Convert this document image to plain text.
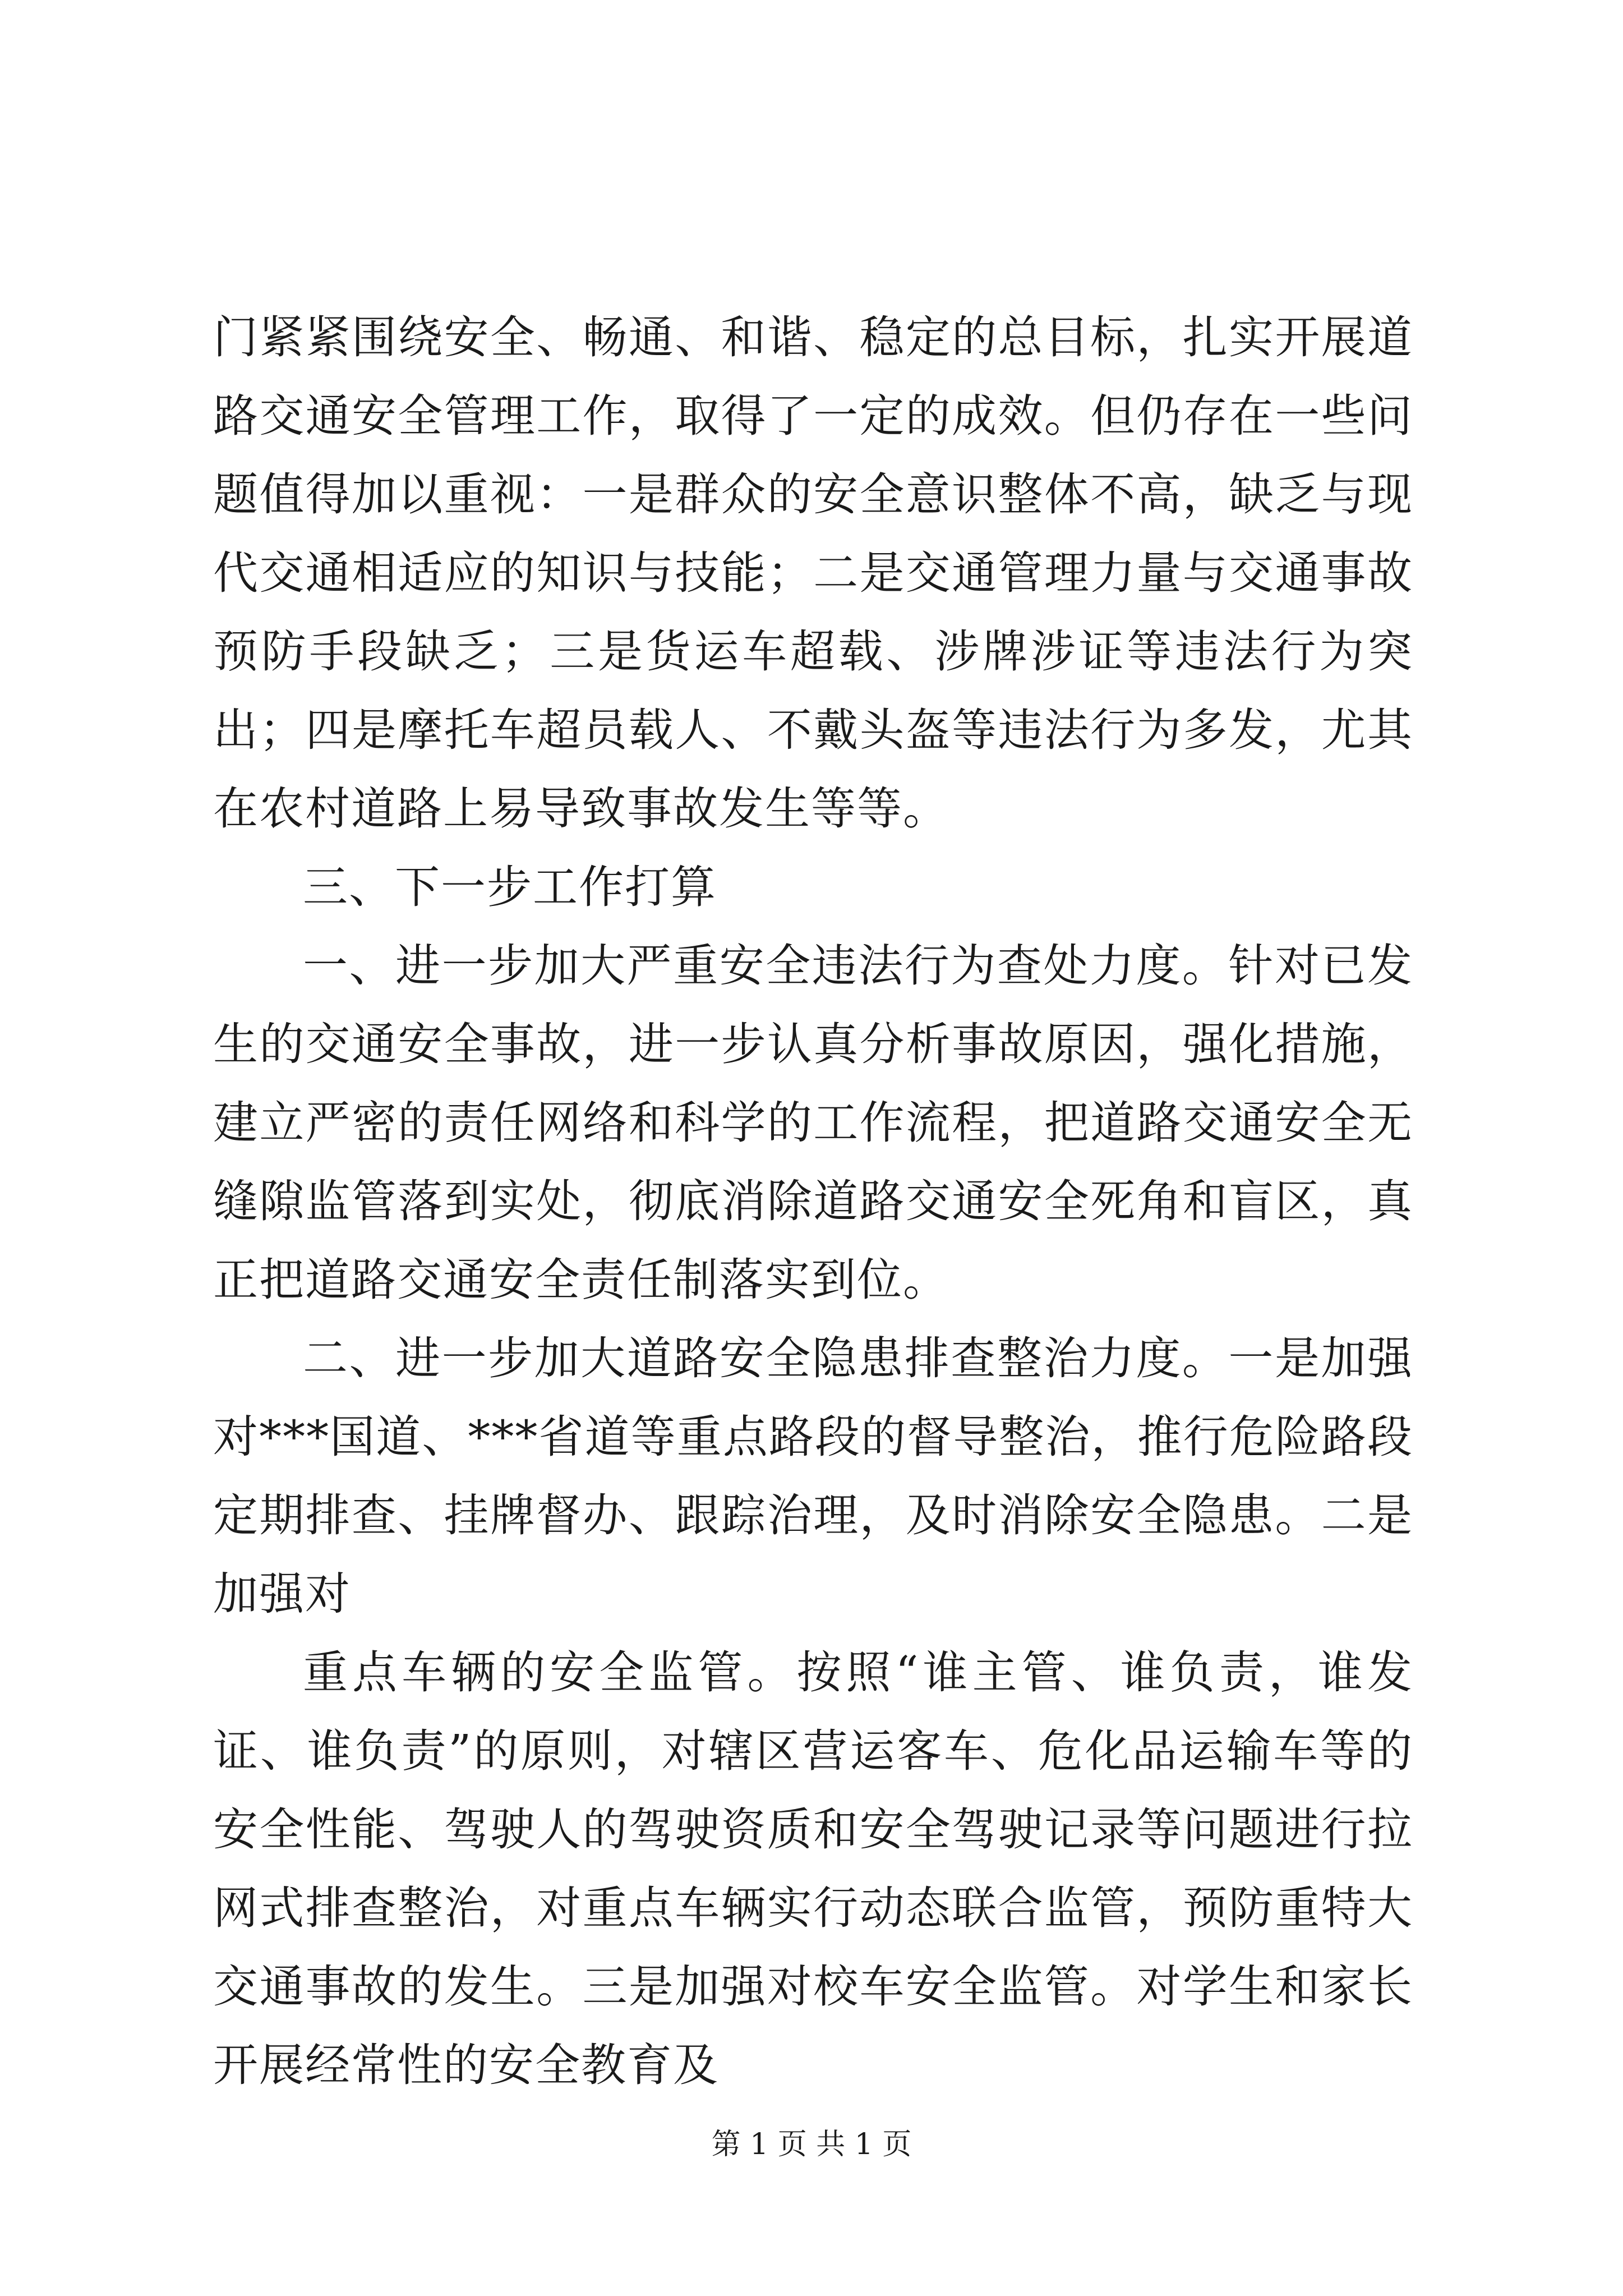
门紧紧围绕安全、畅通、和谐、稳定的总目标，扎实开展道路交通安全管理工作，取得了一定的成效。但仍存在一些问题值得加以重视：一是群众的安全意识整体不高，缺乏与现代交通相适应的知识与技能；二是交通管理力量与交通事故预防手段缺乏；三是货运车超载、涉牌涉证等违法行为突出；四是摩托车超员载人、不戴头盔等违法行为多发，尤其在农村道路上易导致事故发生等等。

三、下一步工作打算

一、进一步加大严重安全违法行为查处力度。针对已发生的交通安全事故，进一步认真分析事故原因，强化措施，建立严密的责任网络和科学的工作流程，把道路交通安全无缝隙监管落到实处，彻底消除道路交通安全死角和盲区，真正把道路交通安全责任制落实到位。

二、进一步加大道路安全隐患排查整治力度。一是加强对***国道、***省道等重点路段的督导整治，推行危险路段定期排查、挂牌督办、跟踪治理，及时消除安全隐患。二是加强对

重点车辆的安全监管。按照“谁主管、谁负责，谁发证、谁负责”的原则，对辖区营运客车、危化品运输车等的安全性能、驾驶人的驾驶资质和安全驾驶记录等问题进行拉网式排查整治，对重点车辆实行动态联合监管，预防重特大交通事故的发生。三是加强对校车安全监管。对学生和家长开展经常性的安全教育及

第 1 页 共 1 页
